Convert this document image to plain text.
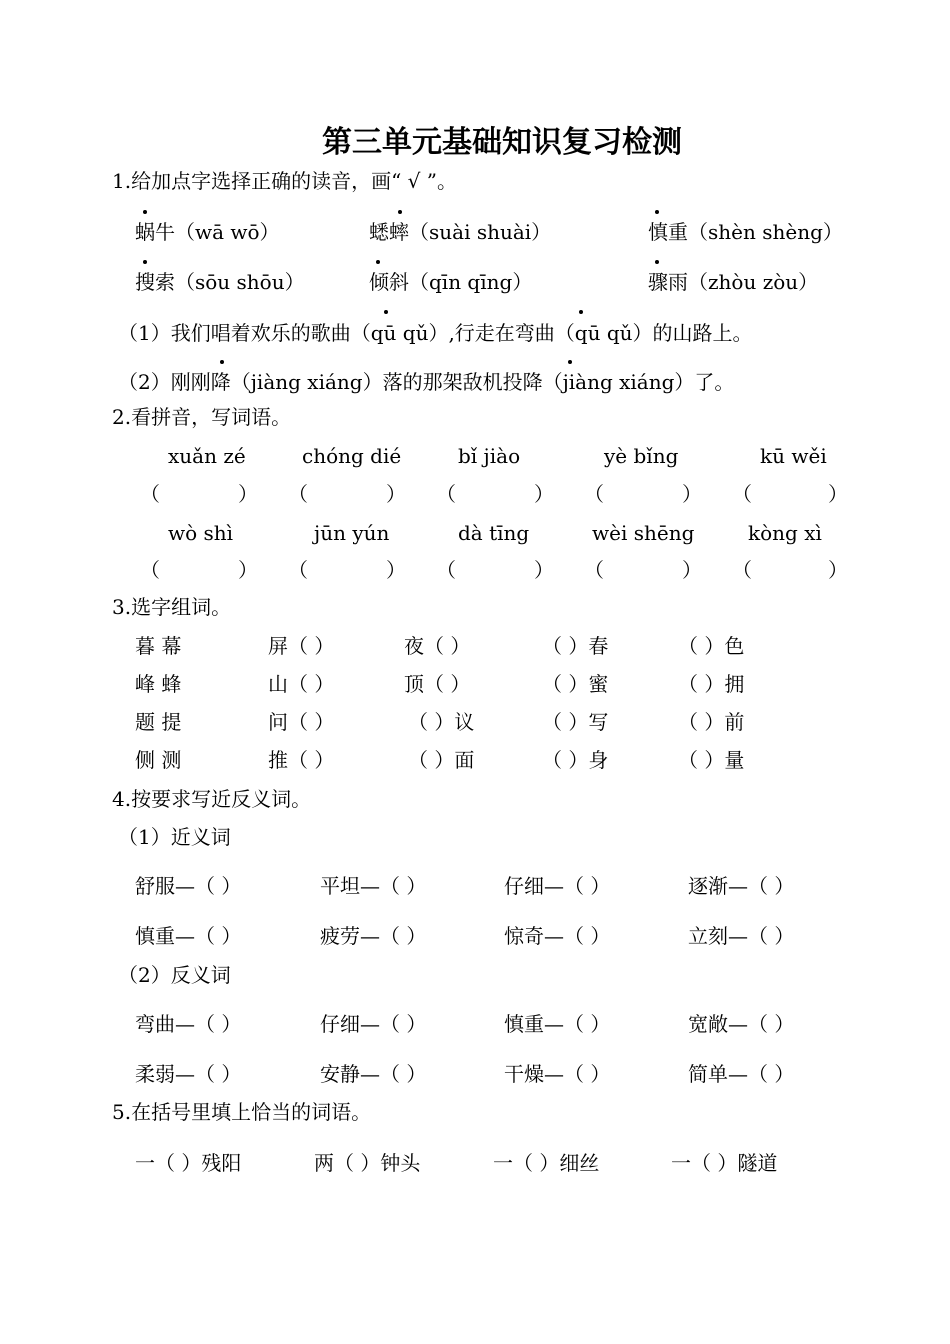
第三单元基础知识复习检测
1.给加点字选择正确的读音，画“ √ ”。
蜗牛（wā wō）	蟋蟀（suài shuài）	慎重（shèn shèng）
搜索（sōu shōu）	倾斜（qīn qīng）	骤雨（zhòu zòu）
（1）我们唱着欢乐的歌曲（qū qǔ）,行走在弯曲（qū qǔ）的山路上。
（2）刚刚降（jiàng xiáng）落的那架敌机投降（jiàng xiáng）了。
2.看拼音，写词语。
xuǎn zé	chóng dié	bǐ jiào	yè bǐng	kū wěi
（	） （	） （	） （	） （	）
wò shì	jūn yún	dà tīng	wèi shēng	kòng xì
（	） （	） （	） （	） （	）
3.选字组词。
暮 幕	屏（ ）	夜（ ）	（ ）春	（ ）色
峰 蜂	山（ ）	顶（ ）	（ ）蜜	（ ）拥
题 提	问（ ）	（ ）议	（ ）写	（ ）前
侧 测	推（ ）	（ ）面	（ ）身	（ ）量
4.按要求写近反义词。
（1）近义词
舒服—（ ）	平坦—（ ）	仔细—（ ）	逐渐—（ ）
慎重—（ ）	疲劳—（ ）	惊奇—（ ）	立刻—（ ）
（2）反义词
弯曲—（ ）	仔细—（ ）	慎重—（ ）	宽敞—（ ）
柔弱—（ ）	安静—（ ）	干燥—（ ）	简单—（ ）
5.在括号里填上恰当的词语。
一（ ）残阳	两（ ）钟头	一（ ）细丝	一（ ）隧道
